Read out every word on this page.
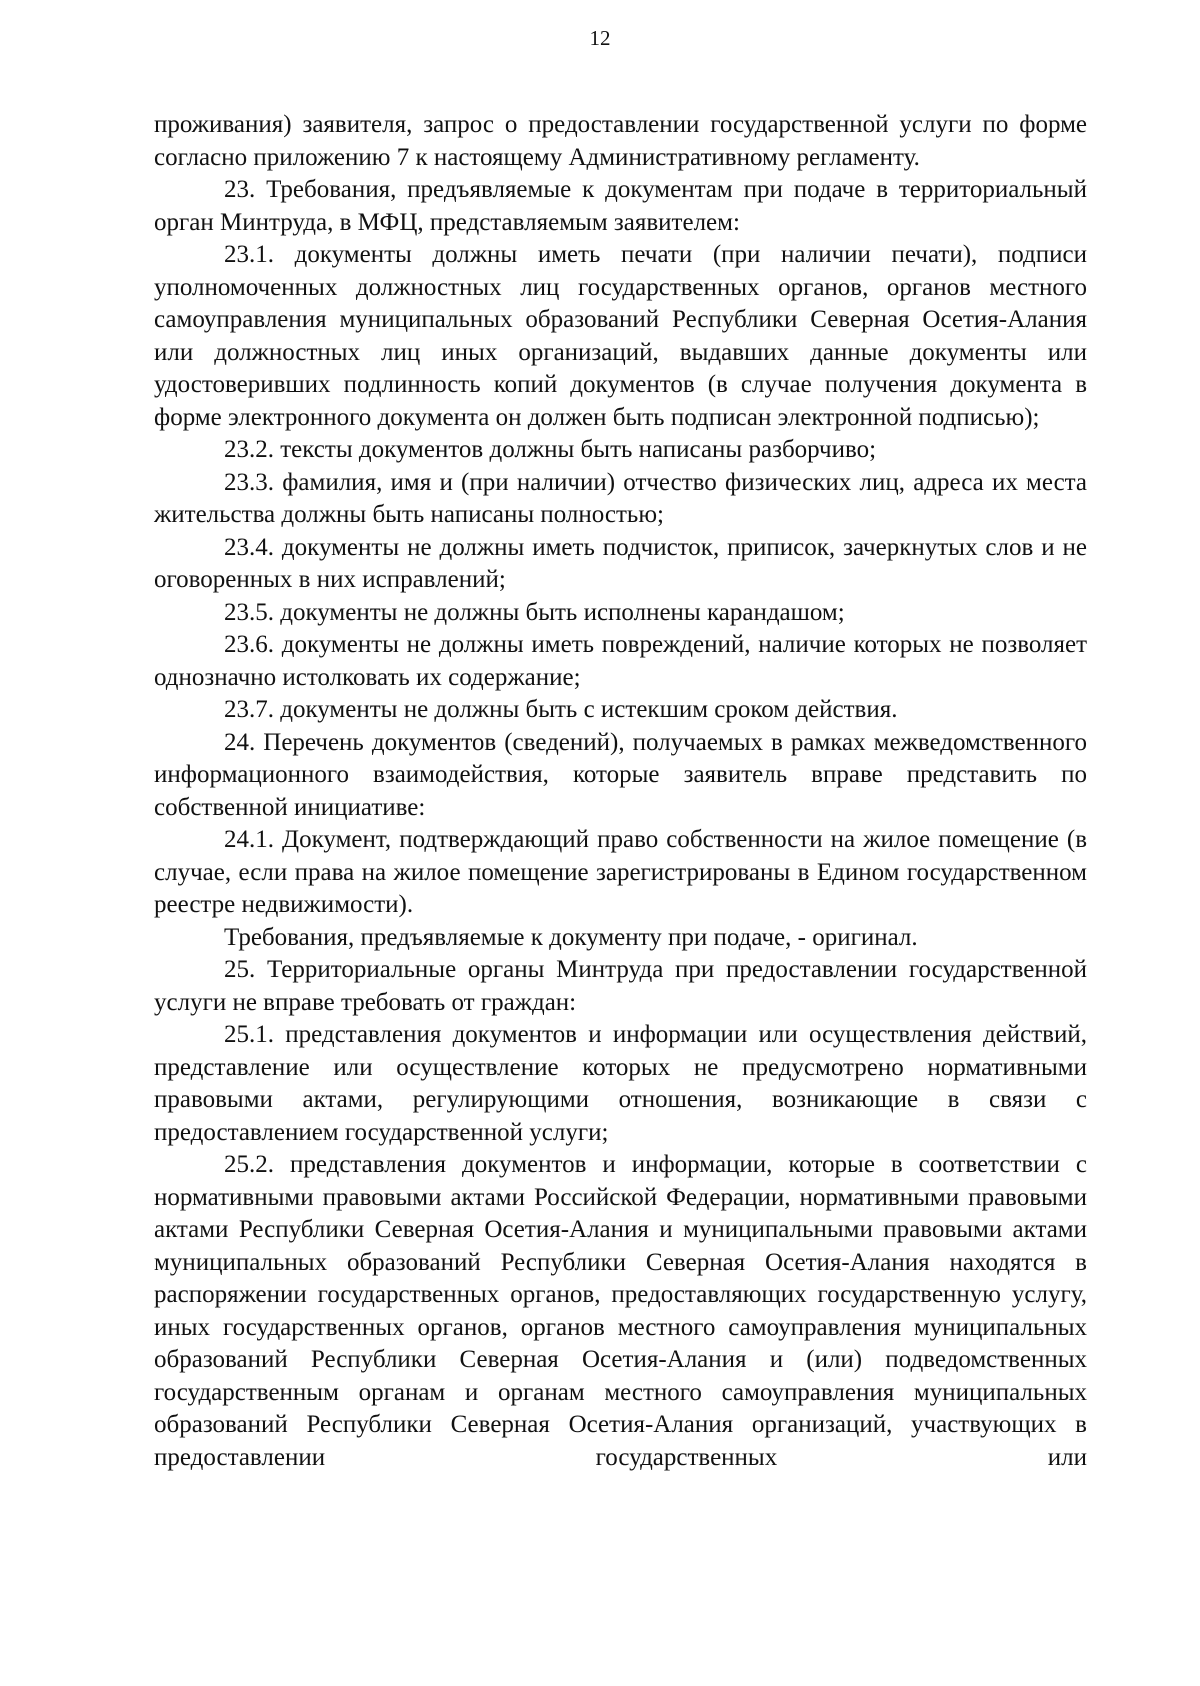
12

проживания) заявителя, запрос о предоставлении государственной услуги по форме согласно приложению 7 к настоящему Административному регламенту.

23. Требования, предъявляемые к документам при подаче в территориальный орган Минтруда, в МФЦ, представляемым заявителем:

23.1. документы должны иметь печати (при наличии печати), подписи уполномоченных должностных лиц государственных органов, органов местного самоуправления муниципальных образований Республики Северная Осетия-Алания или должностных лиц иных организаций, выдавших данные документы или удостоверивших подлинность копий документов (в случае получения документа в форме электронного документа он должен быть подписан электронной подписью);

23.2. тексты документов должны быть написаны разборчиво;

23.3. фамилия, имя и (при наличии) отчество физических лиц, адреса их места жительства должны быть написаны полностью;

23.4. документы не должны иметь подчисток, приписок, зачеркнутых слов и не оговоренных в них исправлений;

23.5. документы не должны быть исполнены карандашом;

23.6. документы не должны иметь повреждений, наличие которых не позволяет однозначно истолковать их содержание;

23.7. документы не должны быть с истекшим сроком действия.

24. Перечень документов (сведений), получаемых в рамках межведомственного информационного взаимодействия, которые заявитель вправе представить по собственной инициативе:

24.1. Документ, подтверждающий право собственности на жилое помещение (в случае, если права на жилое помещение зарегистрированы в Едином государственном реестре недвижимости).

Требования, предъявляемые к документу при подаче, - оригинал.

25. Территориальные органы Минтруда при предоставлении государственной услуги не вправе требовать от граждан:

25.1. представления документов и информации или осуществления действий, представление или осуществление которых не предусмотрено нормативными правовыми актами, регулирующими отношения, возникающие в связи с предоставлением государственной услуги;

25.2. представления документов и информации, которые в соответствии с нормативными правовыми актами Российской Федерации, нормативными правовыми актами Республики Северная Осетия-Алания и муниципальными правовыми актами муниципальных образований Республики Северная Осетия-Алания находятся в распоряжении государственных органов, предоставляющих государственную услугу, иных государственных органов, органов местного самоуправления муниципальных образований Республики Северная Осетия-Алания и (или) подведомственных государственным органам и органам местного самоуправления муниципальных образований Республики Северная Осетия-Алания организаций, участвующих в предоставлении государственных или
